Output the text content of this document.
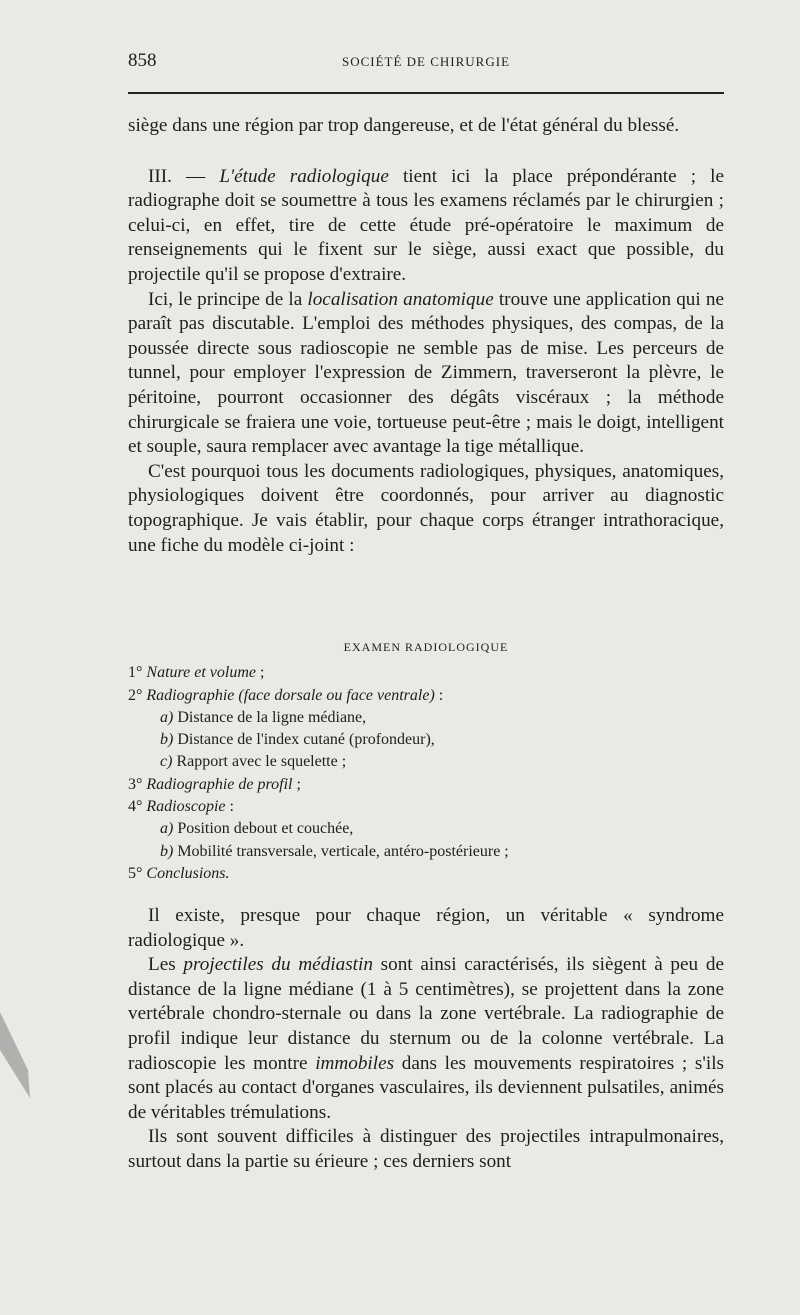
858	SOCIÉTÉ DE CHIRURGIE

siège dans une région par trop dangereuse, et de l'état général du blessé.

III. — L'étude radiologique tient ici la place prépondérante ; le radiographe doit se soumettre à tous les examens réclamés par le chirurgien ; celui-ci, en effet, tire de cette étude pré-opératoire le maximum de renseignements qui le fixent sur le siège, aussi exact que possible, du projectile qu'il se propose d'extraire.

Ici, le principe de la localisation anatomique trouve une application qui ne paraît pas discutable. L'emploi des méthodes physiques, des compas, de la poussée directe sous radioscopie ne semble pas de mise. Les perceurs de tunnel, pour employer l'expression de Zimmern, traverseront la plèvre, le péritoine, pourront occasionner des dégâts viscéraux ; la méthode chirurgicale se fraiera une voie, tortueuse peut-être ; mais le doigt, intelligent et souple, saura remplacer avec avantage la tige métallique.

C'est pourquoi tous les documents radiologiques, physiques, anatomiques, physiologiques doivent être coordonnés, pour arriver au diagnostic topographique. Je vais établir, pour chaque corps étranger intrathoracique, une fiche du modèle ci-joint :

EXAMEN RADIOLOGIQUE

1° Nature et volume ;

2° Radiographie (face dorsale ou face ventrale) :

a) Distance de la ligne médiane,

b) Distance de l'index cutané (profondeur),

c) Rapport avec le squelette ;

3° Radiographie de profil ;

4° Radioscopie :

a) Position debout et couchée,

b) Mobilité transversale, verticale, antéro-postérieure ;

5° Conclusions.

Il existe, presque pour chaque région, un véritable « syndrome radiologique ».

Les projectiles du médiastin sont ainsi caractérisés, ils siègent à peu de distance de la ligne médiane (1 à 5 centimètres), se projettent dans la zone vertébrale chondro-sternale ou dans la zone vertébrale. La radiographie de profil indique leur distance du sternum ou de la colonne vertébrale. La radioscopie les montre immobiles dans les mouvements respiratoires ; s'ils sont placés au contact d'organes vasculaires, ils deviennent pulsatiles, animés de véritables trémulations.

Ils sont souvent difficiles à distinguer des projectiles intrapulmonaires, surtout dans la partie su érieure ; ces derniers sont
